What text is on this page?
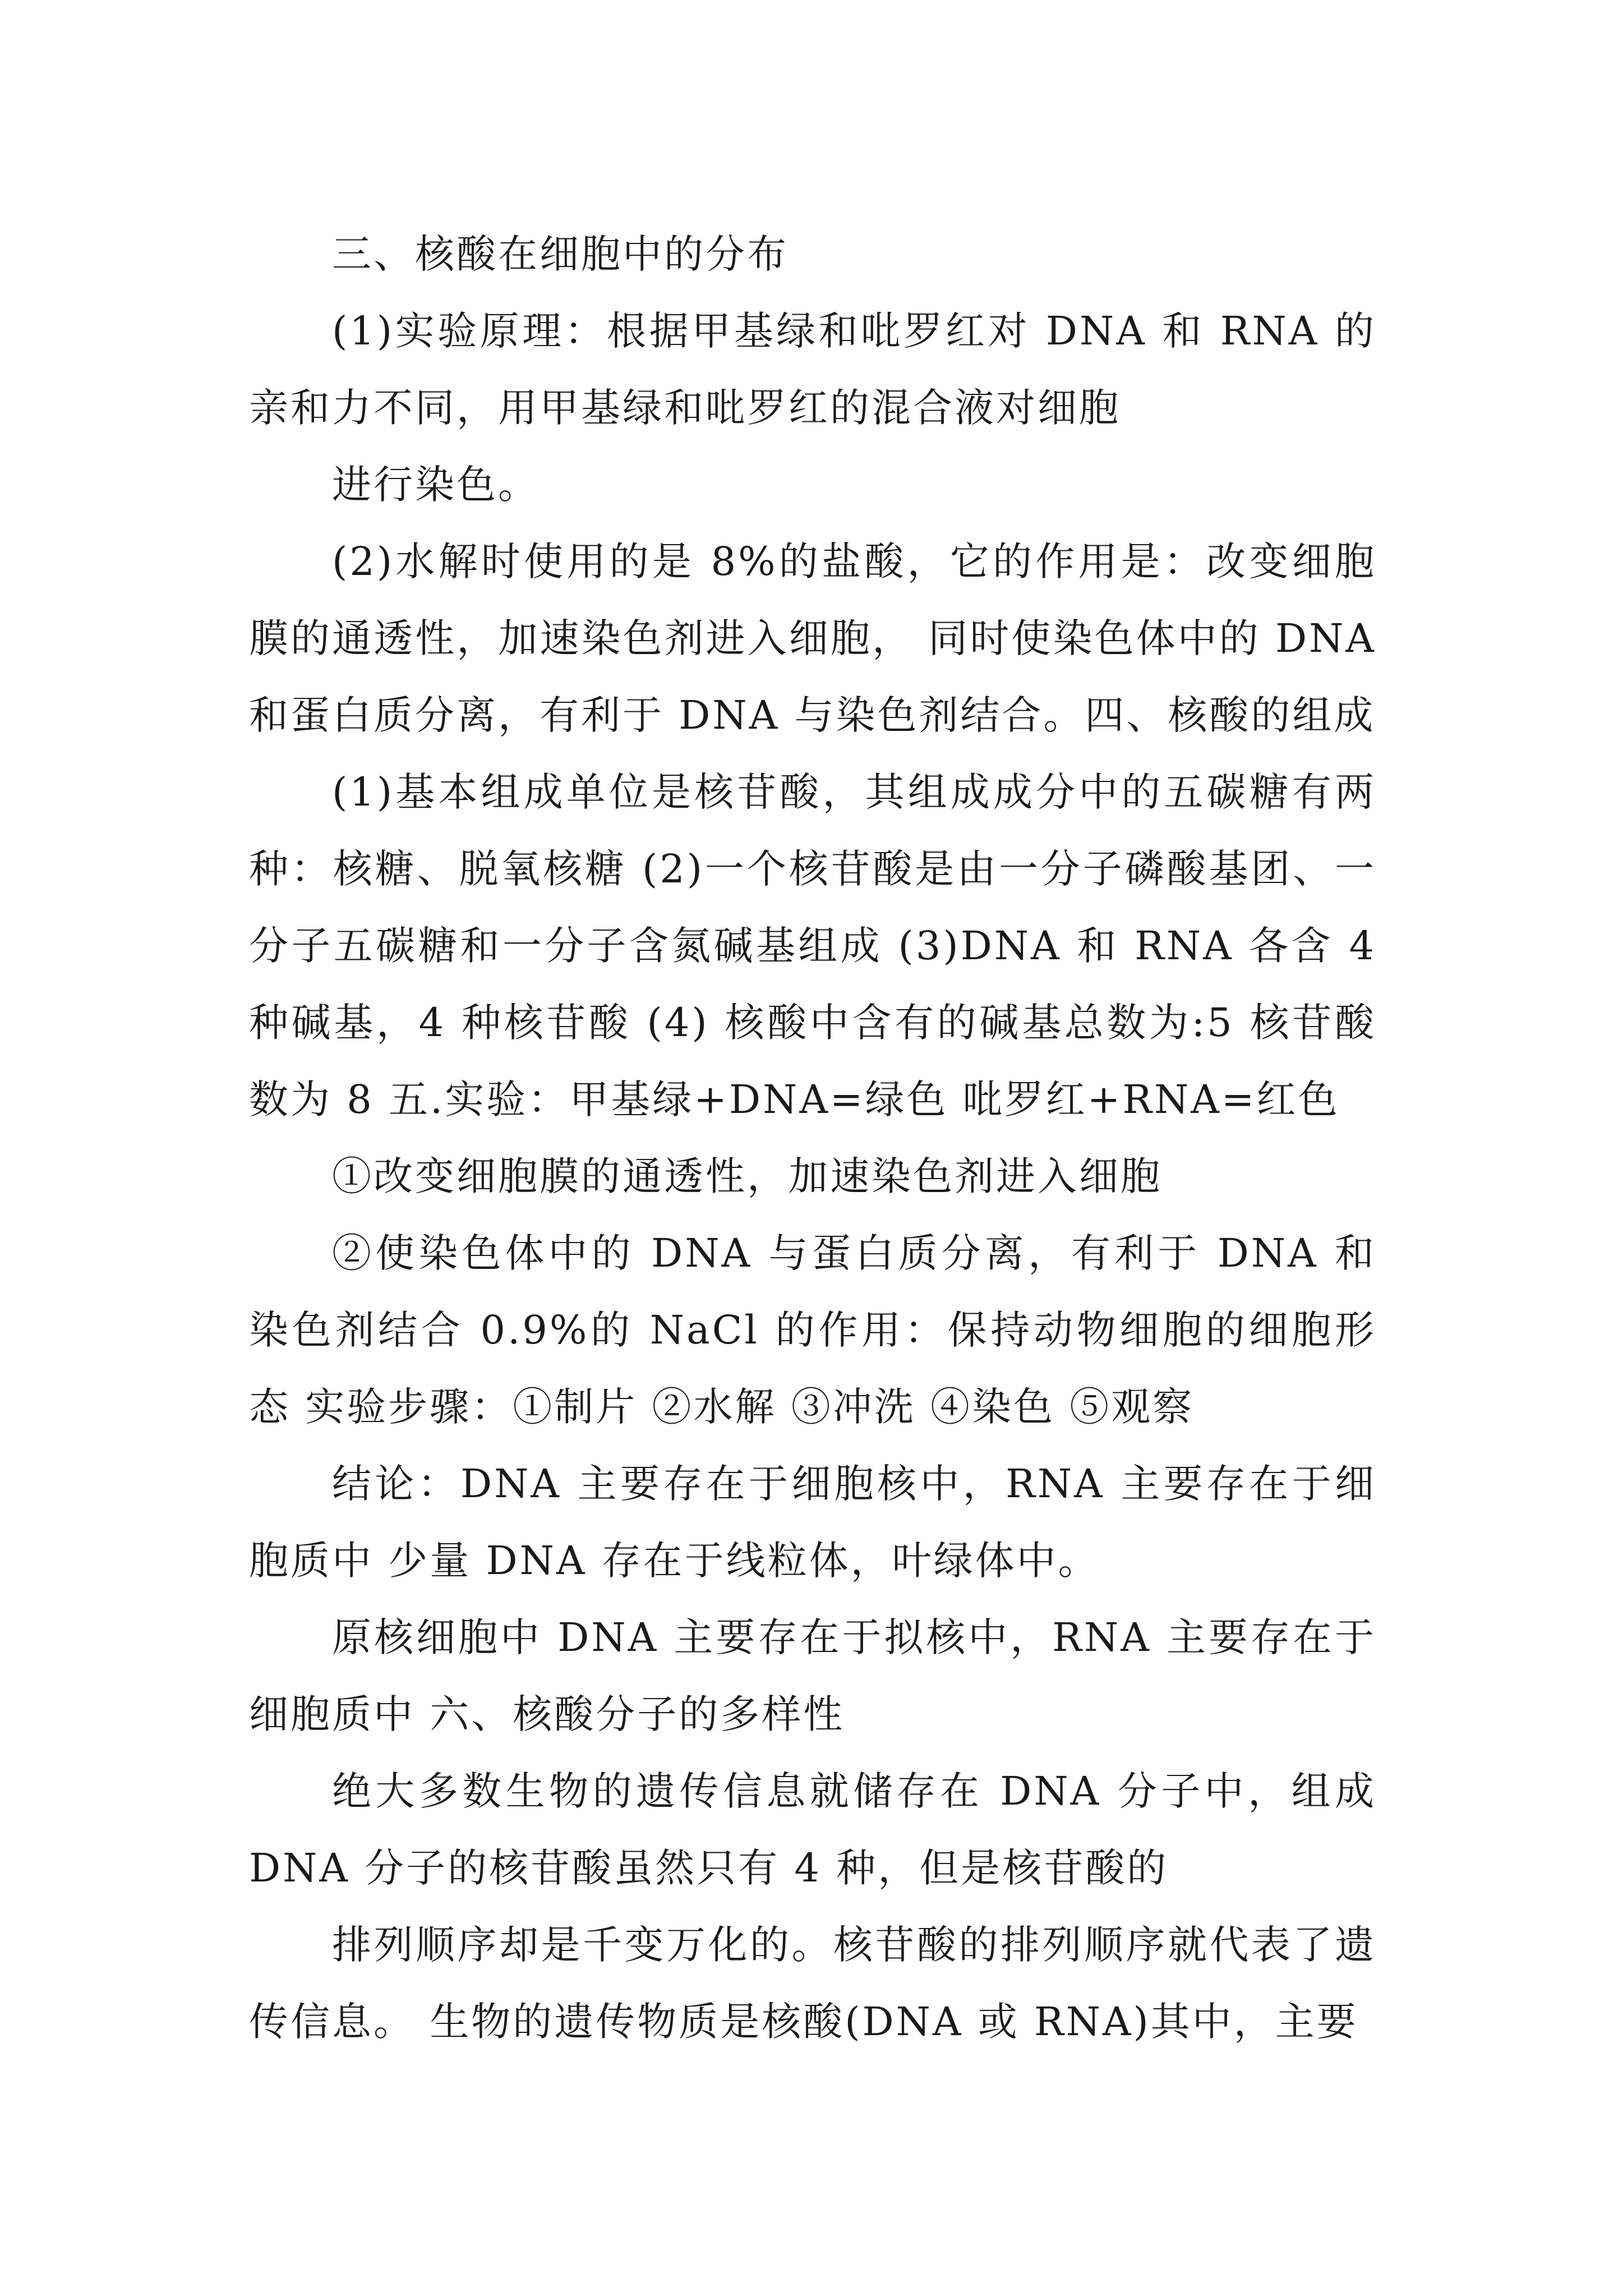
三、核酸在细胞中的分布

(1)实验原理：根据甲基绿和吡罗红对 DNA 和 RNA 的亲和力不同，用甲基绿和吡罗红的混合液对细胞

进行染色。

(2)水解时使用的是 8%的盐酸，它的作用是：改变细胞膜的通透性，加速染色剂进入细胞， 同时使染色体中的 DNA 和蛋白质分离，有利于 DNA 与染色剂结合。四、核酸的组成

(1)基本组成单位是核苷酸，其组成成分中的五碳糖有两种：核糖、脱氧核糖 (2)一个核苷酸是由一分子磷酸基团、一分子五碳糖和一分子含氮碱基组成 (3)DNA 和 RNA 各含 4 种碱基，4 种核苷酸 (4) 核酸中含有的碱基总数为:5 核苷酸数为 8 五.实验：甲基绿+DNA=绿色 吡罗红+RNA=红色

①改变细胞膜的通透性，加速染色剂进入细胞

②使染色体中的 DNA 与蛋白质分离，有利于 DNA 和染色剂结合 0.9%的 NaCl 的作用：保持动物细胞的细胞形态 实验步骤：①制片 ②水解 ③冲洗 ④染色 ⑤观察

结论：DNA 主要存在于细胞核中，RNA 主要存在于细胞质中 少量 DNA 存在于线粒体，叶绿体中。

原核细胞中 DNA 主要存在于拟核中，RNA 主要存在于细胞质中 六、核酸分子的多样性

绝大多数生物的遗传信息就储存在 DNA 分子中，组成 DNA 分子的核苷酸虽然只有 4 种，但是核苷酸的

排列顺序却是千变万化的。核苷酸的排列顺序就代表了遗传信息。 生物的遗传物质是核酸(DNA 或 RNA)其中，主要
